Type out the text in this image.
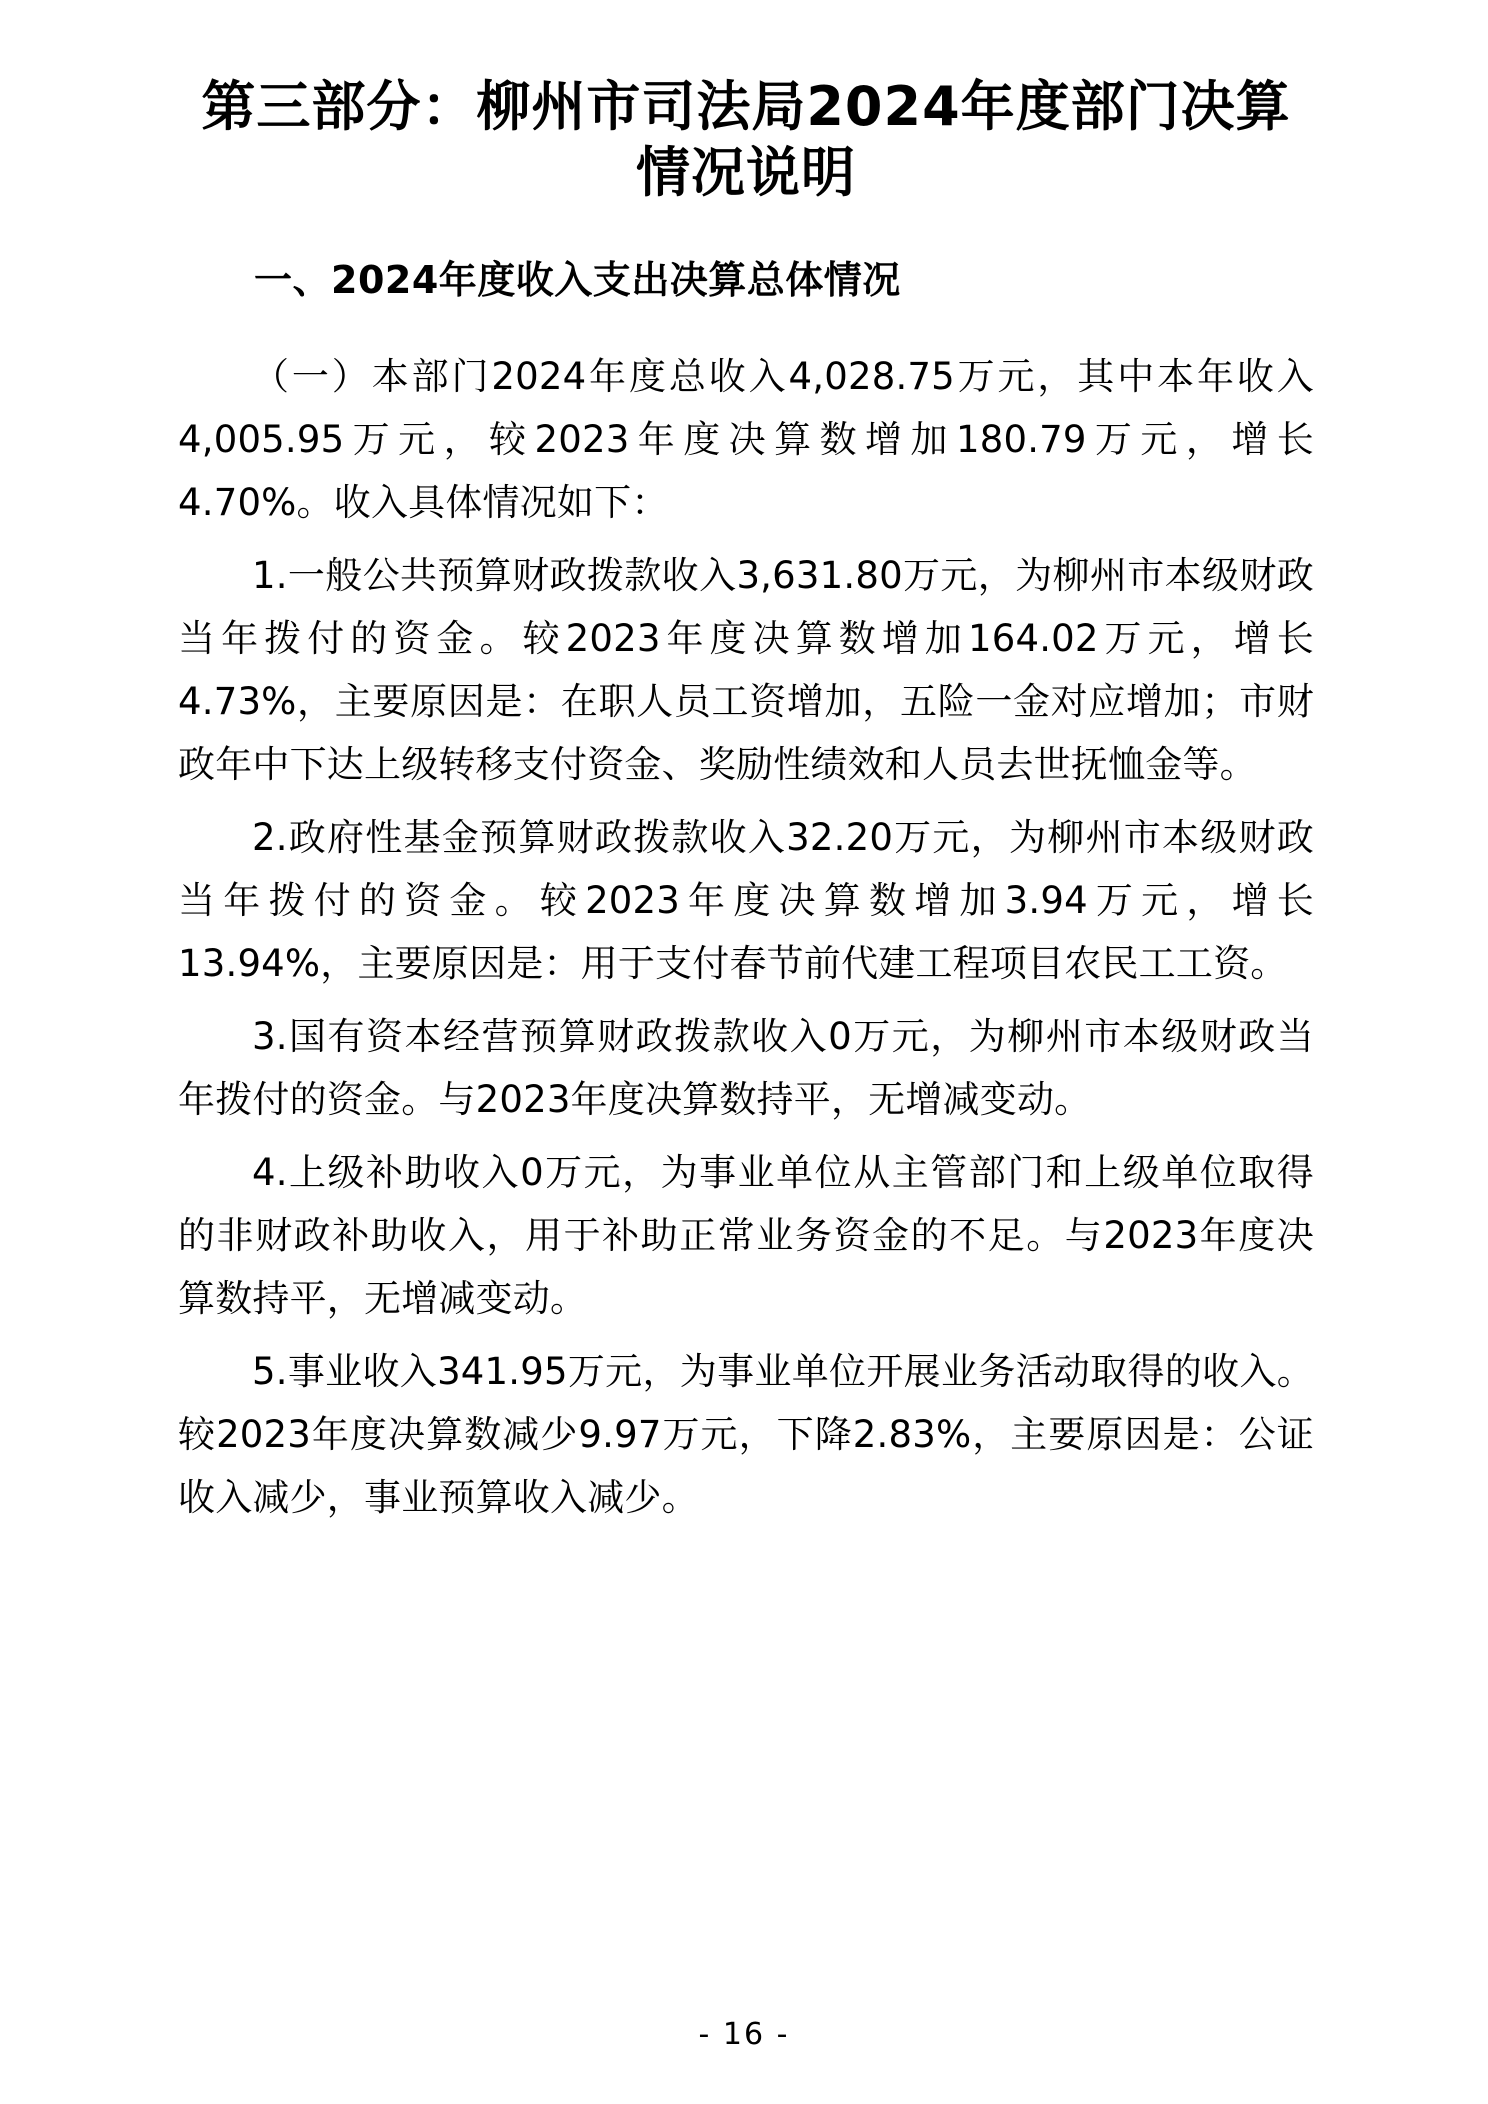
第三部分：柳州市司法局2024年度部门决算情况说明
一、2024年度收入支出决算总体情况

（一）本部门2024年度总收入4,028.75万元，其中本年收入4,005.95万元，较2023年度决算数增加180.79万元，增长4.70%。收入具体情况如下：

1.一般公共预算财政拨款收入3,631.80万元，为柳州市本级财政当年拨付的资金。较2023年度决算数增加164.02万元，增长4.73%，主要原因是：在职人员工资增加，五险一金对应增加；市财政年中下达上级转移支付资金、奖励性绩效和人员去世抚恤金等。

2.政府性基金预算财政拨款收入32.20万元，为柳州市本级财政当年拨付的资金。较2023年度决算数增加3.94万元，增长13.94%，主要原因是：用于支付春节前代建工程项目农民工工资。

3.国有资本经营预算财政拨款收入0万元，为柳州市本级财政当年拨付的资金。与2023年度决算数持平，无增减变动。

4.上级补助收入0万元，为事业单位从主管部门和上级单位取得的非财政补助收入，用于补助正常业务资金的不足。与2023年度决算数持平，无增减变动。

5.事业收入341.95万元，为事业单位开展业务活动取得的收入。较2023年度决算数减少9.97万元，下降2.83%，主要原因是：公证收入减少，事业预算收入减少。

- 16 -
